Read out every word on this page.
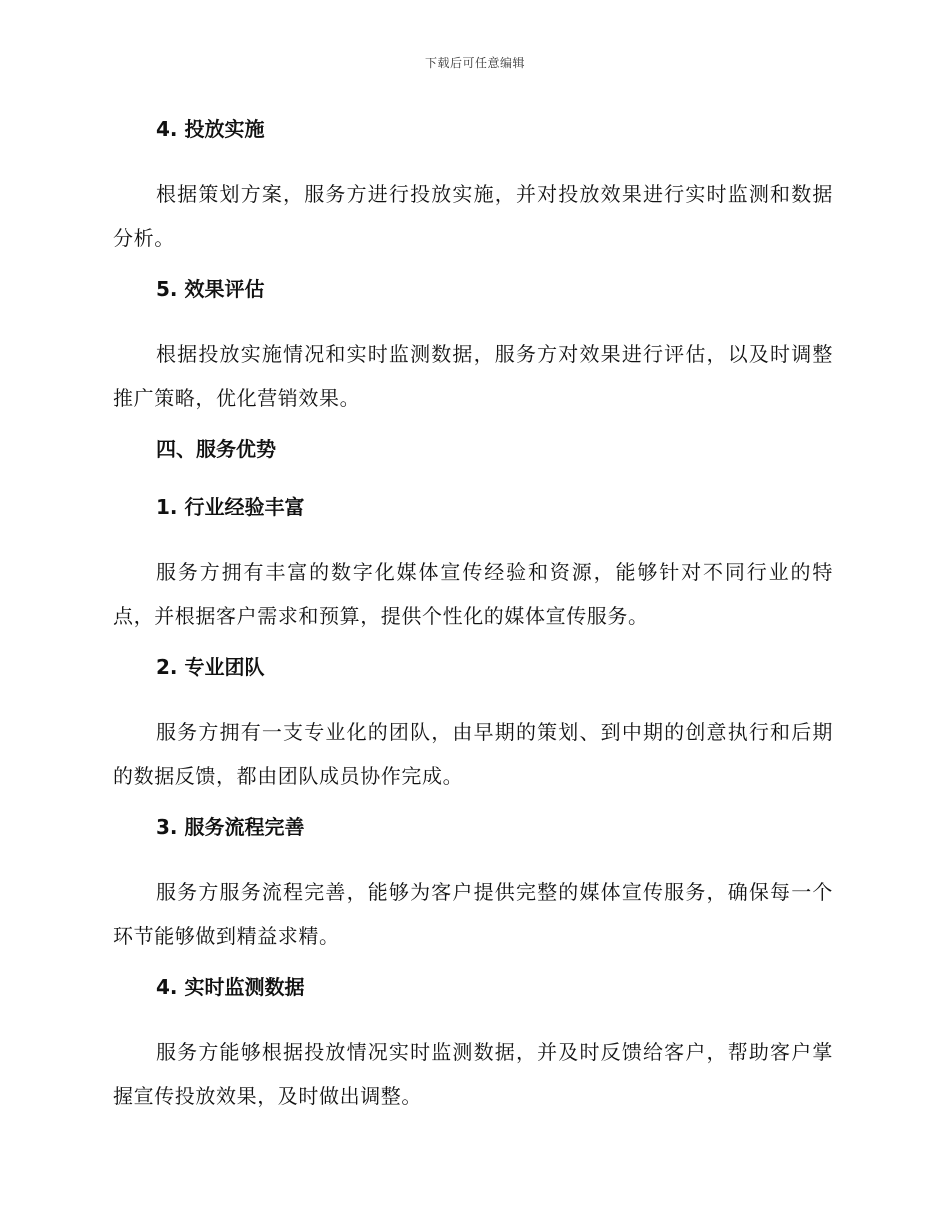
下载后可任意编辑
4. 投放实施
根据策划方案，服务方进行投放实施，并对投放效果进行实时监测和数据分析。
5. 效果评估
根据投放实施情况和实时监测数据，服务方对效果进行评估，以及时调整推广策略，优化营销效果。
四、服务优势
1. 行业经验丰富
服务方拥有丰富的数字化媒体宣传经验和资源，能够针对不同行业的特点，并根据客户需求和预算，提供个性化的媒体宣传服务。
2. 专业团队
服务方拥有一支专业化的团队，由早期的策划、到中期的创意执行和后期的数据反馈，都由团队成员协作完成。
3. 服务流程完善
服务方服务流程完善，能够为客户提供完整的媒体宣传服务，确保每一个环节能够做到精益求精。
4. 实时监测数据
服务方能够根据投放情况实时监测数据，并及时反馈给客户，帮助客户掌握宣传投放效果，及时做出调整。
